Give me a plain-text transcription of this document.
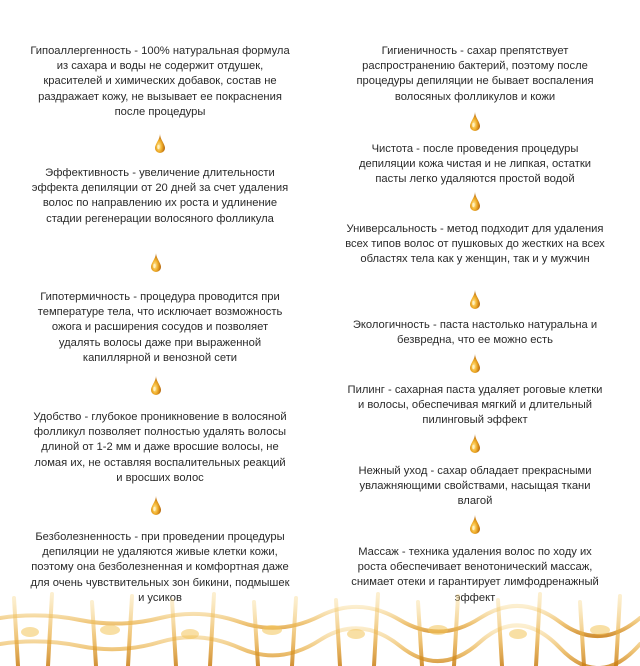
Гипоаллергенность - 100% натуральная формула из сахара и воды не содержит отдушек, красителей и химических добавок, состав не раздражает кожу, не вызывает ее покраснения после процедуры
Эффективность - увеличение длительности эффекта депиляции от 20 дней за счет удаления волос по направлению их роста и удлинение стадии регенерации волосяного фолликула
Гипотермичность - процедура проводится при температуре тела, что исключает возможность ожога и расширения сосудов и позволяет удалять волосы даже при выраженной капиллярной и венозной сети
Удобство - глубокое проникновение в волосяной фолликул позволяет полностью удалять волосы длиной от 1-2 мм и даже вросшие волосы, не ломая их, не оставляя воспалительных реакций и вросших волос
Безболезненность - при проведении процедуры депиляции не удаляются живые клетки кожи, поэтому она безболезненная и комфортная даже для очень чувствительных зон бикини, подмышек и усиков
Гигиеничность - сахар препятствует распространению бактерий, поэтому после процедуры депиляции не бывает воспаления волосяных фолликулов и кожи
Чистота - после проведения процедуры депиляции кожа чистая и не липкая, остатки пасты легко удаляются простой водой
Универсальность - метод подходит для удаления всех типов волос от пушковых до жестких на всех областях тела как у женщин, так и у мужчин
Экологичность - паста настолько натуральна и безвредна, что ее можно есть
Пилинг - сахарная паста удаляет роговые клетки и волосы, обеспечивая мягкий и длительный пилинговый эффект
Нежный уход - сахар обладает прекрасными увлажняющими свойствами, насыщая ткани влагой
Массаж - техника удаления волос по ходу их роста обеспечивает венотонический массаж, снимает отеки и гарантирует лимфодренажный эффект
